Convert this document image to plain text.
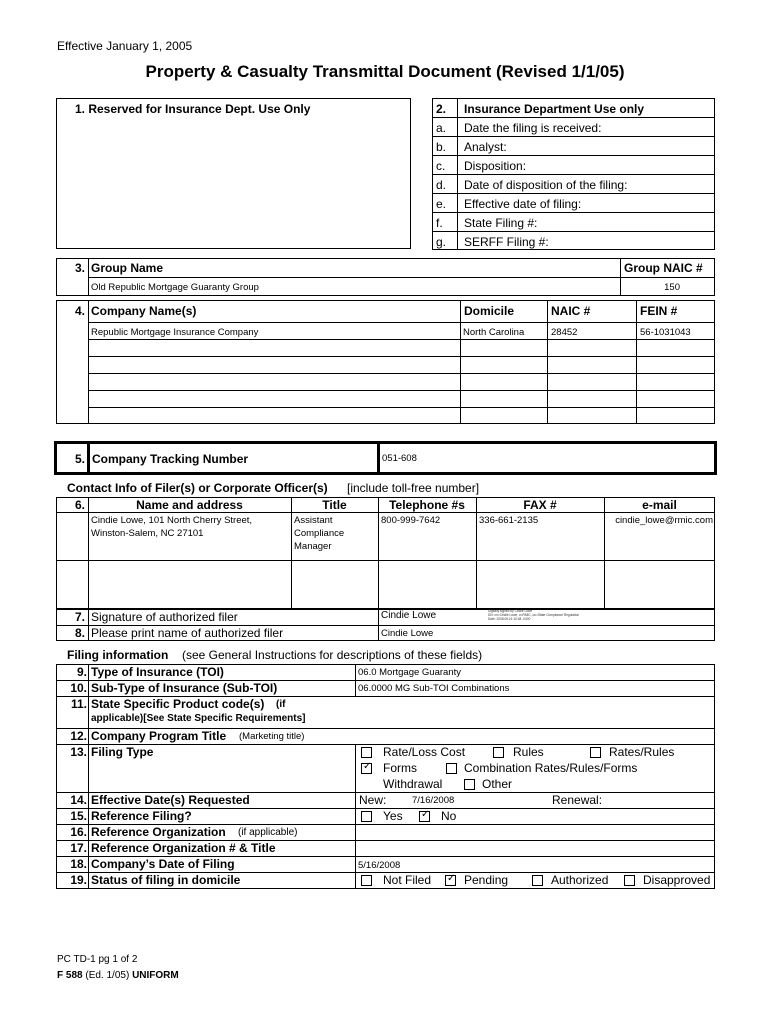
Effective January 1, 2005
Property & Casualty Transmittal Document (Revised 1/1/05)
1. Reserved for Insurance Dept. Use Only	2. Insurance Department Use only
a. Date the filing is received:
b. Analyst:
c. Disposition:
d. Date of disposition of the filing:
e. Effective date of filing:
f. State Filing #:
g. SERFF Filing #:
3. Group Name	Group NAIC #
Old Republic Mortgage Guaranty Group	150
4. Company Name(s)	Domicile	NAIC #	FEIN #
Republic Mortgage Insurance Company	North Carolina	28452	56-1031043
5. Company Tracking Number	051-608
Contact Info of Filer(s) or Corporate Officer(s) [include toll-free number]
6.	Name and address	Title	Telephone #s	FAX #	e-mail
Cindie Lowe, 101 North Cherry Street,
Winston-Salem, NC 27101
Assistant
Compliance
Manager
800-999-7642	336-661-2135	cindie_lowe@rmic.com
7. Signature of authorized filer	Cindie Lowe	Digitally signed by Cindie Lowe
DN: cn=Cindie Lowe, o=RMIC, ou=State Compliance Regulation
Date: 2008.05.16 10:48 -0400
8. Please print name of authorized filer	Cindie Lowe
Filing information (see General Instructions for descriptions of these fields)
9. Type of Insurance (TOI)	06.0 Mortgage Guaranty
10. Sub-Type of Insurance (Sub-TOI)	06.0000 MG Sub-TOI Combinations
11. State Specific Product code(s) (if
applicable)[See State Specific Requirements]
12. Company Program Title (Marketing title)
13. Filing Type	Rate/Loss Cost	Rules	Rates/Rules
✓ Forms	Combination Rates/Rules/Forms
Withdrawal	Other
14. Effective Date(s) Requested	New:	7/16/2008	Renewal:
15. Reference Filing?	Yes ✓ No
16. Reference Organization (if applicable)
17. Reference Organization # & Title
18. Company’s Date of Filing	5/16/2008
19. Status of filing in domicile	Not Filed ✓ Pending	Authorized	Disapproved
PC TD-1 pg 1 of 2
F 588 (Ed. 1/05) UNIFORM
